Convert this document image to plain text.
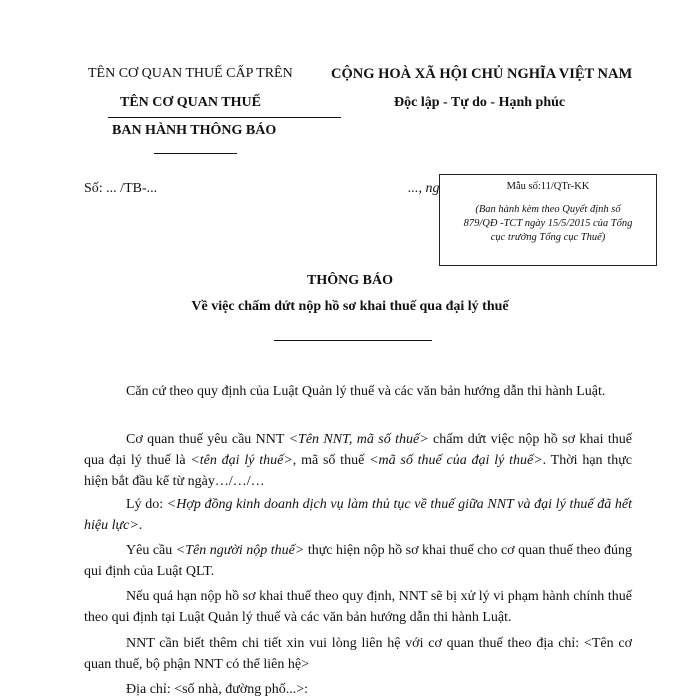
TÊN CƠ QUAN THUẾ CẤP TRÊN
TÊN CƠ QUAN THUẾ
BAN HÀNH THÔNG BÁO
CỘNG HOÀ XÃ HỘI CHỦ NGHĨA VIỆT NAM
Độc lập - Tự do - Hạnh phúc
Số: ... /TB-...	..., ng	Mẫu số:11/QTr-KK
(Ban hành kèm theo Quyết định số
879/QĐ -TCT ngày 15/5/2015 của Tổng
cục trưởng Tổng cục Thuế)
THÔNG BÁO
Về việc chấm dứt nộp hồ sơ khai thuế qua đại lý thuế
Căn cứ theo quy định của Luật Quản lý thuế và các văn bản hướng dẫn thi hành Luật.
Cơ quan thuế yêu cầu NNT <Tên NNT, mã số thuế> chấm dứt việc nộp hồ sơ khai thuế qua đại lý thuế là <tên đại lý thuế>, mã số thuế <mã số thuế của đại lý thuế>. Thời hạn thực hiện bắt đầu kể từ ngày…/…/…
Lý do: <Hợp đồng kinh doanh dịch vụ làm thủ tục về thuế giữa NNT và đại lý thuế đã hết hiệu lực>.
Yêu cầu <Tên người nộp thuế> thực hiện nộp hồ sơ khai thuế cho cơ quan thuế theo đúng qui định của Luật QLT.
Nếu quá hạn nộp hồ sơ khai thuế theo quy định, NNT sẽ bị xử lý vi phạm hành chính thuế theo qui định tại Luật Quản lý thuế và các văn bản hướng dẫn thi hành Luật.
NNT cần biết thêm chi tiết xin vui lòng liên hệ với cơ quan thuế theo địa chỉ: <Tên cơ quan thuế, bộ phận NNT có thể liên hệ>
Địa chỉ: <số nhà, đường phố...>:
